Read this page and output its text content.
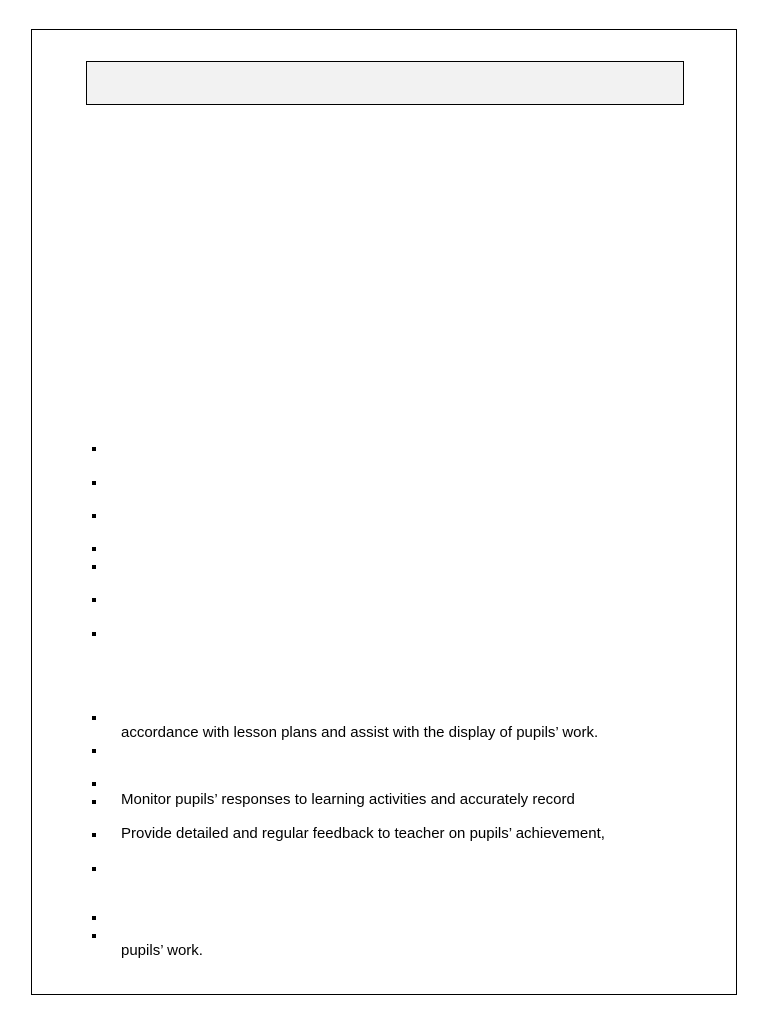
accordance with lesson plans and assist with the display of pupils’ work.
Monitor pupils’ responses to learning activities and accurately record
Provide detailed and regular feedback to teacher on pupils’ achievement,
pupils’ work.
